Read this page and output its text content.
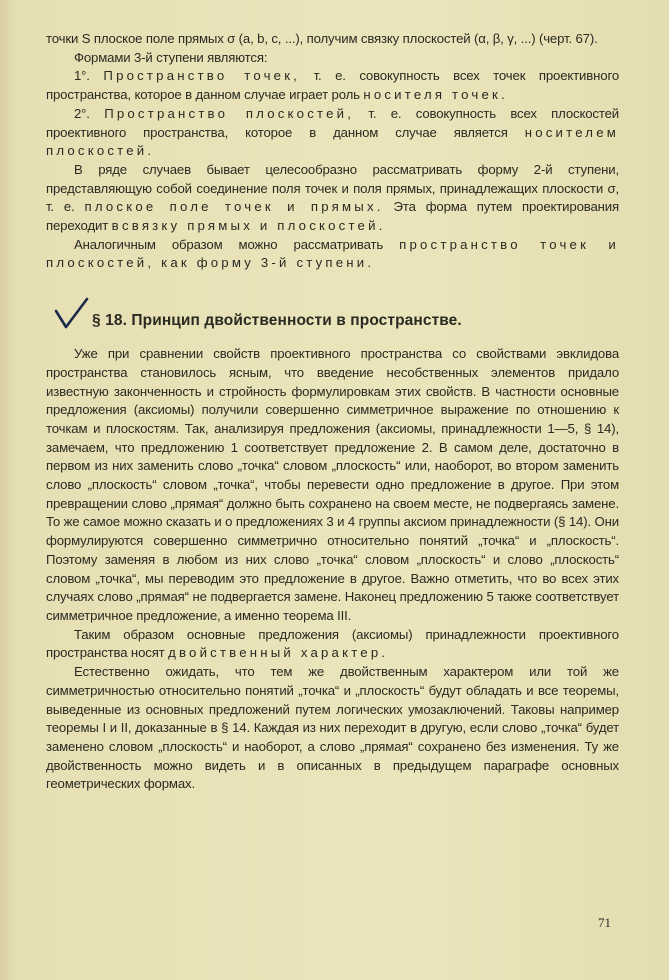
точки S плоское поле прямых σ (a, b, c, ...), получим связку плоскостей (α, β, γ, ...) (черт. 67).

Формами 3-й ступени являются:

1°. Пространство точек, т. е. совокупность всех точек проективного пространства, которое в данном случае играет роль носителя точек.

2°. Пространство плоскостей, т. е. совокупность всех плоскостей проективного пространства, которое в данном случае является носителем плоскостей.

В ряде случаев бывает целесообразно рассматривать форму 2-й ступени, представляющую собой соединение поля точек и поля прямых, принадлежащих плоскости σ, т. е. плоское поле точек и прямых. Эта форма путем проектирования переходит в связку прямых и плоскостей.

Аналогичным образом можно рассматривать пространство точек и плоскостей, как форму 3-й ступени.

§ 18. Принцип двойственности в пространстве.

Уже при сравнении свойств проективного пространства со свойствами эвклидова пространства становилось ясным, что введение несобственных элементов придало известную законченность и стройность формулировкам этих свойств. В частности основные предложения (аксиомы) получили совершенно симметричное выражение по отношению к точкам и плоскостям. Так, анализируя предложения (аксиомы, принадлежности 1—5, § 14), замечаем, что предложению 1 соответствует предложение 2. В самом деле, достаточно в первом из них заменить слово „точка“ словом „плоскость“ или, наоборот, во втором заменить слово „плоскость“ словом „точка“, чтобы перевести одно предложение в другое. При этом превращении слово „прямая“ должно быть сохранено на своем месте, не подвергаясь замене. То же самое можно сказать и о предложениях 3 и 4 группы аксиом принадлежности (§ 14). Они формулируются совершенно симметрично относительно понятий „точка“ и „плоскость“. Поэтому заменяя в любом из них слово „точка“ словом „плоскость“ и слово „плоскость“ словом „точка“, мы переводим это предложение в другое. Важно отметить, что во всех этих случаях слово „прямая“ не подвергается замене. Наконец предложению 5 также соответствует симметричное предложение, а именно теорема III.

Таким образом основные предложения (аксиомы) принадлежности проективного пространства носят двойственный характер.

Естественно ожидать, что тем же двойственным характером или той же симметричностью относительно понятий „точка“ и „плоскость“ будут обладать и все теоремы, выведенные из основных предложений путем логических умозаключений. Таковы например теоремы I и II, доказанные в § 14. Каждая из них переходит в другую, если слово „точка“ будет заменено словом „плоскость“ и наоборот, а слово „прямая“ сохранено без изменения. Ту же двойственность можно видеть и в описанных в предыдущем параграфе основных геометрических формах.

71
